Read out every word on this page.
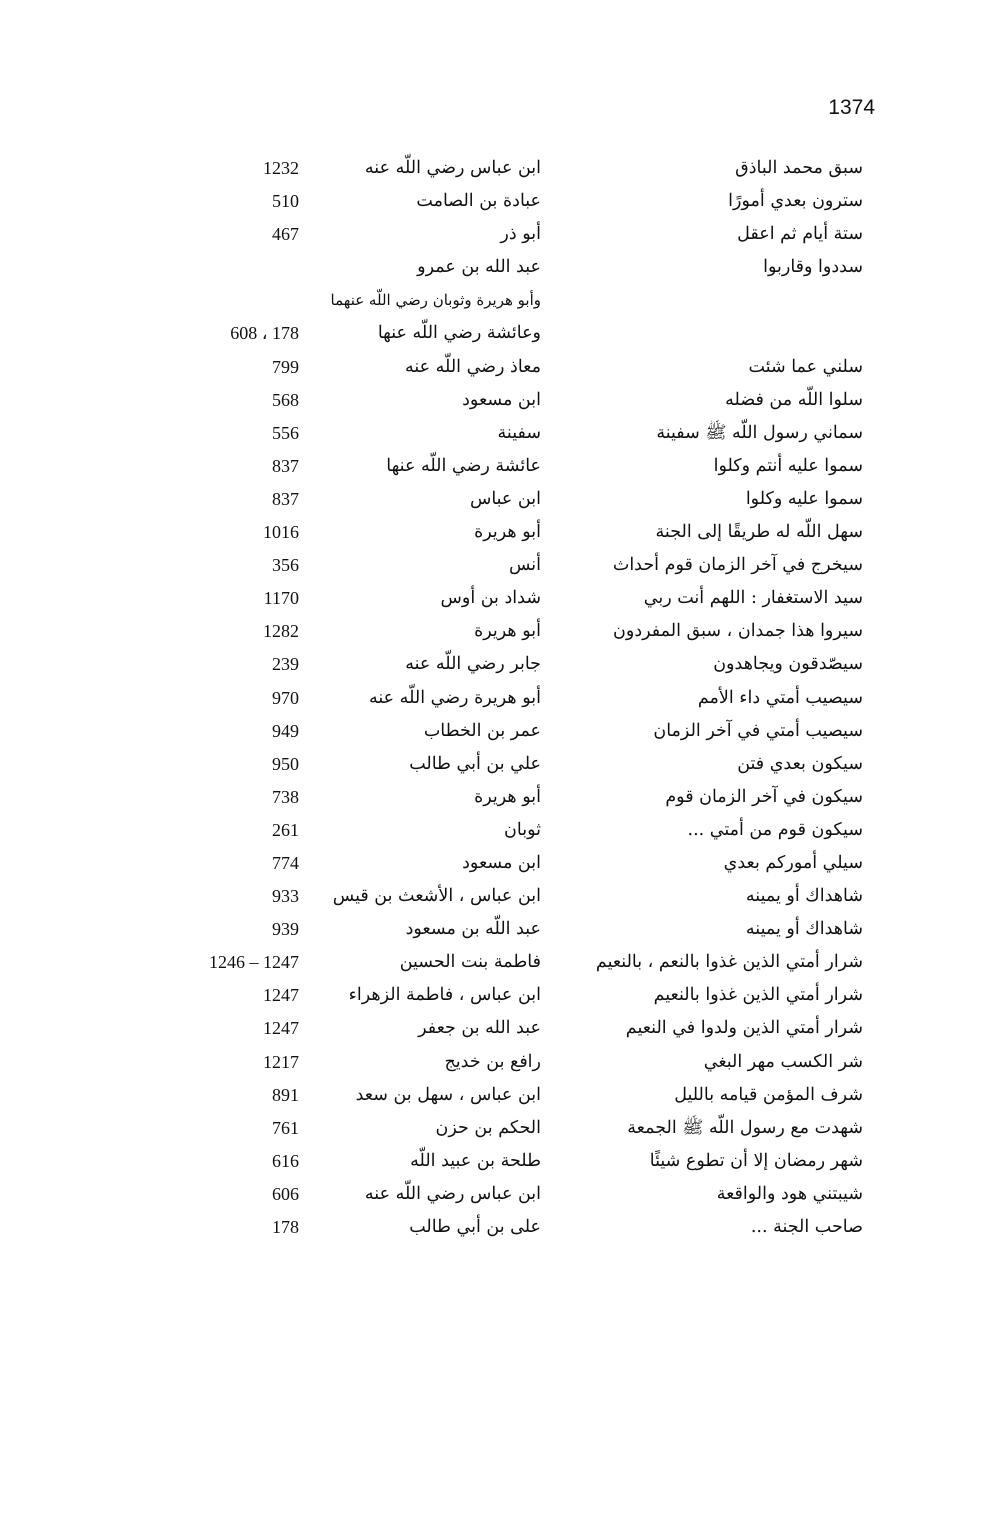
1374
سبق محمد الباذق
ابن عباس رضي اللّه عنه
1232
سترون بعدي أمورًا
عبادة بن الصامت
510
ستة أيام ثم اعقل
أبو ذر
467
سددوا وقاربوا
عبد الله بن عمرو
وأبو هريرة وثوبان رضي اللّه عنهما
وعائشة رضي اللّه عنها
608 ، 178
سلني عما شئت
معاذ رضي اللّه عنه
799
سلوا اللّه من فضله
ابن مسعود
568
سماني رسول اللّه ﷺ سفينة
سفينة
556
سموا عليه أنتم وكلوا
عائشة رضي اللّه عنها
837
سموا عليه وكلوا
ابن عباس
837
سهل اللّه له طريقًا إلى الجنة
أبو هريرة
1016
سيخرج في آخر الزمان قوم أحداث
أنس
356
سيد الاستغفار : اللهم أنت ربي
شداد بن أوس
1170
سيروا هذا جمدان ، سبق المفردون
أبو هريرة
1282
سيصّدقون ويجاهدون
جابر رضي اللّه عنه
239
سيصيب أمتي داء الأمم
أبو هريرة رضي اللّه عنه
970
سيصيب أمتي في آخر الزمان
عمر بن الخطاب
949
سيكون بعدي فتن
علي بن أبي طالب
950
سيكون في آخر الزمان قوم
أبو هريرة
738
سيكون قوم من أمتي ...
ثوبان
261
سيلي أموركم بعدي
ابن مسعود
774
شاهداك أو يمينه
ابن عباس ، الأشعث بن قيس
933
شاهداك أو يمينه
عبد اللّه بن مسعود
939
شرار أمتي الذين غذوا بالنعم ، بالنعيم
فاطمة بنت الحسين
1246 – 1247
شرار أمتي الذين غذوا بالنعيم
ابن عباس ، فاطمة الزهراء
1247
شرار أمتي الذين ولدوا في النعيم
عبد الله بن جعفر
1247
شر الكسب مهر البغي
رافع بن خديج
1217
شرف المؤمن قيامه بالليل
ابن عباس ، سهل بن سعد
891
شهدت مع رسول اللّه ﷺ الجمعة
الحكم بن حزن
761
شهر رمضان إلا أن تطوع شيئًا
طلحة بن عبيد اللّه
616
شيبتني هود والواقعة
ابن عباس رضي اللّه عنه
606
صاحب الجنة ...
على بن أبي طالب
178
